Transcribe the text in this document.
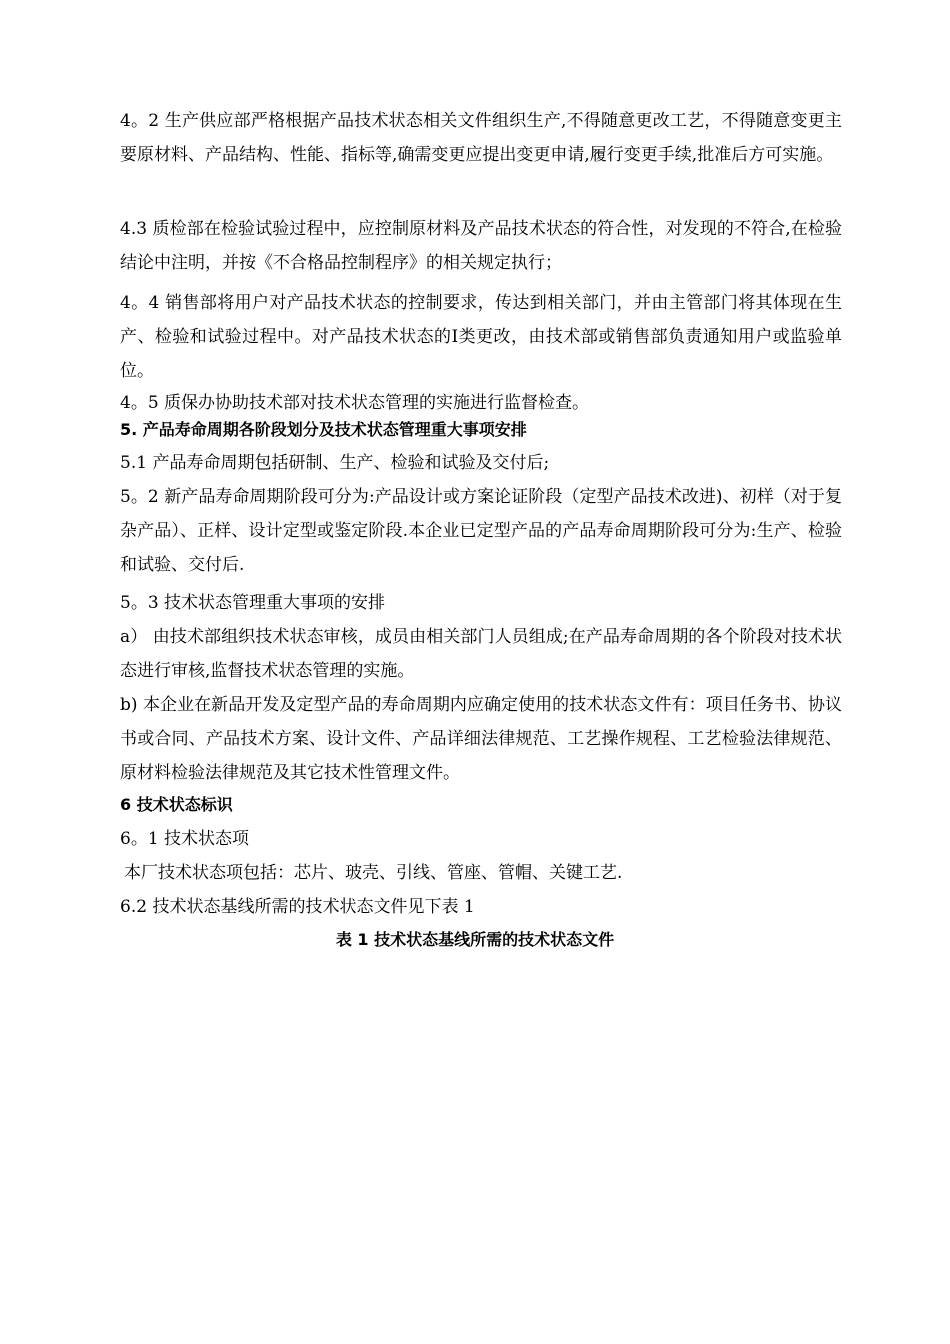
4。2 生产供应部严格根据产品技术状态相关文件组织生产,不得随意更改工艺，不得随意变更主要原材料、产品结构、性能、指标等,确需变更应提出变更申请,履行变更手续,批准后方可实施。

4.3 质检部在检验试验过程中，应控制原材料及产品技术状态的符合性，对发现的不符合,在检验结论中注明，并按《不合格品控制程序》的相关规定执行；

4。4 销售部将用户对产品技术状态的控制要求，传达到相关部门，并由主管部门将其体现在生产、检验和试验过程中。对产品技术状态的Ⅰ类更改，由技术部或销售部负责通知用户或监验单位。

4。5 质保办协助技术部对技术状态管理的实施进行监督检查。

5. 产品寿命周期各阶段划分及技术状态管理重大事项安排

5.1 产品寿命周期包括研制、生产、检验和试验及交付后;

5。2 新产品寿命周期阶段可分为:产品设计或方案论证阶段（定型产品技术改进)、初样（对于复杂产品）、正样、设计定型或鉴定阶段.本企业已定型产品的产品寿命周期阶段可分为:生产、检验和试验、交付后.

5。3 技术状态管理重大事项的安排

a） 由技术部组织技术状态审核，成员由相关部门人员组成;在产品寿命周期的各个阶段对技术状态进行审核,监督技术状态管理的实施。

b) 本企业在新品开发及定型产品的寿命周期内应确定使用的技术状态文件有：项目任务书、协议书或合同、产品技术方案、设计文件、产品详细法律规范、工艺操作规程、工艺检验法律规范、原材料检验法律规范及其它技术性管理文件。

6 技术状态标识

6。1 技术状态项

本厂技术状态项包括：芯片、玻壳、引线、管座、管帽、关键工艺.

6.2 技术状态基线所需的技术状态文件见下表 1

表 1 技术状态基线所需的技术状态文件
